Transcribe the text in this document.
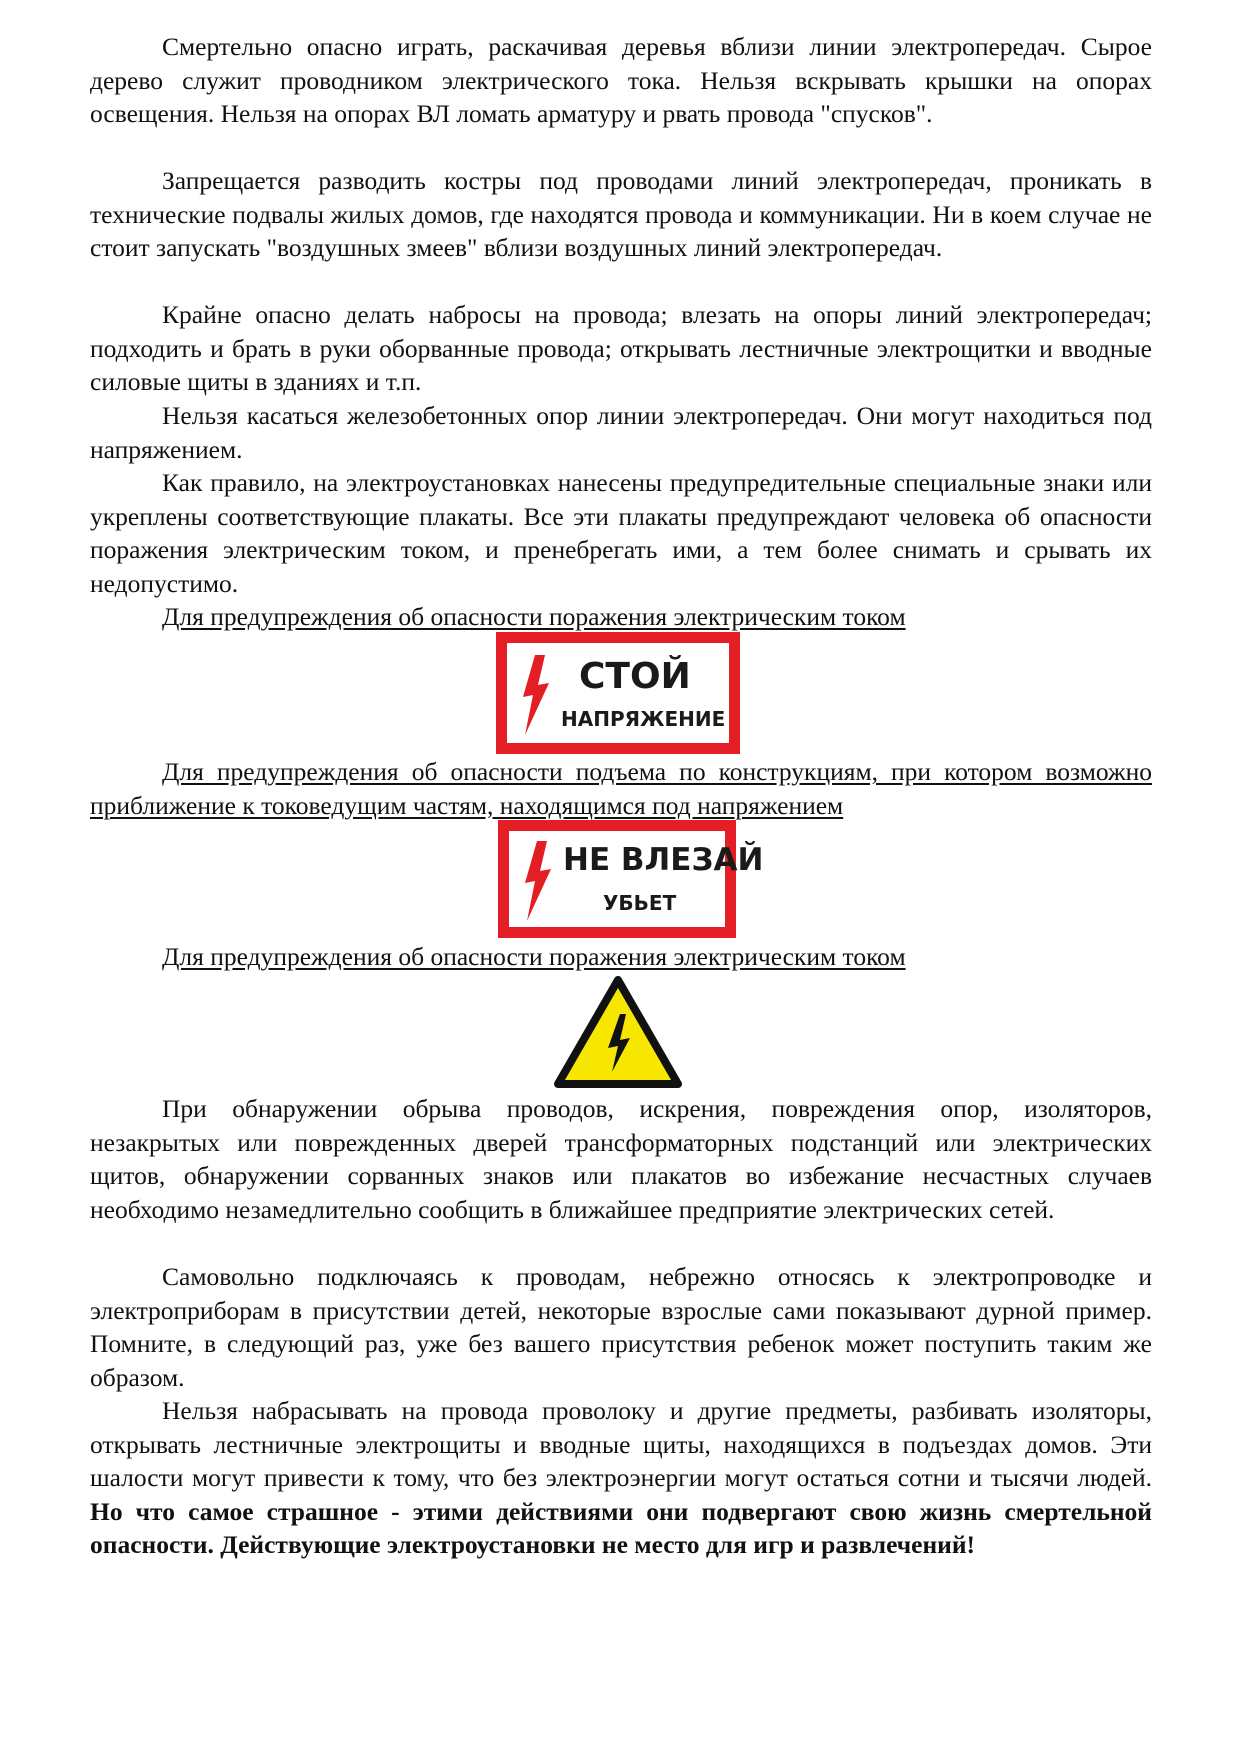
Смертельно опасно играть, раскачивая деревья вблизи линии электропередач. Сырое дерево служит проводником электрического тока. Нельзя вскрывать крышки на опорах освещения. Нельзя на опорах ВЛ ломать арматуру и рвать провода "спусков".

Запрещается разводить костры под проводами линий электропередач, проникать в технические подвалы жилых домов, где находятся провода и коммуникации. Ни в коем случае не стоит запускать "воздушных змеев" вблизи воздушных линий электропередач.

Крайне опасно делать набросы на провода; влезать на опоры линий электропередач; подходить и брать в руки оборванные провода; открывать лестничные электрощитки и вводные силовые щиты в зданиях и т.п.

Нельзя касаться железобетонных опор линии электропередач. Они могут находиться под напряжением.

Как правило, на электроустановках нанесены предупредительные специальные знаки или укреплены соответствующие плакаты. Все эти плакаты предупреждают человека об опасности поражения электрическим током, и пренебрегать ими, а тем более снимать и срывать их недопустимо.

Для предупреждения об опасности поражения электрическим током

СТОЙ
НАПРЯЖЕНИЕ

Для предупреждения об опасности подъема по конструкциям, при котором возможно приближение к токоведущим частям, находящимся под напряжением

НЕ ВЛЕЗАЙ
УБЬЕТ

Для предупреждения об опасности поражения электрическим током

При обнаружении обрыва проводов, искрения, повреждения опор, изоляторов, незакрытых или поврежденных дверей трансформаторных подстанций или электрических щитов, обнаружении сорванных знаков или плакатов во избежание несчастных случаев необходимо незамедлительно сообщить в ближайшее предприятие электрических сетей.

Самовольно подключаясь к проводам, небрежно относясь к электропроводке и электроприборам в присутствии детей, некоторые взрослые сами показывают дурной пример. Помните, в следующий раз, уже без вашего присутствия ребенок может поступить таким же образом.

Нельзя набрасывать на провода проволоку и другие предметы, разбивать изоляторы, открывать лестничные электрощиты и вводные щиты, находящихся в подъездах домов. Эти шалости могут привести к тому, что без электроэнергии могут остаться сотни и тысячи людей. Но что самое страшное - этими действиями они подвергают свою жизнь смертельной опасности. Действующие электроустановки не место для игр и развлечений!
